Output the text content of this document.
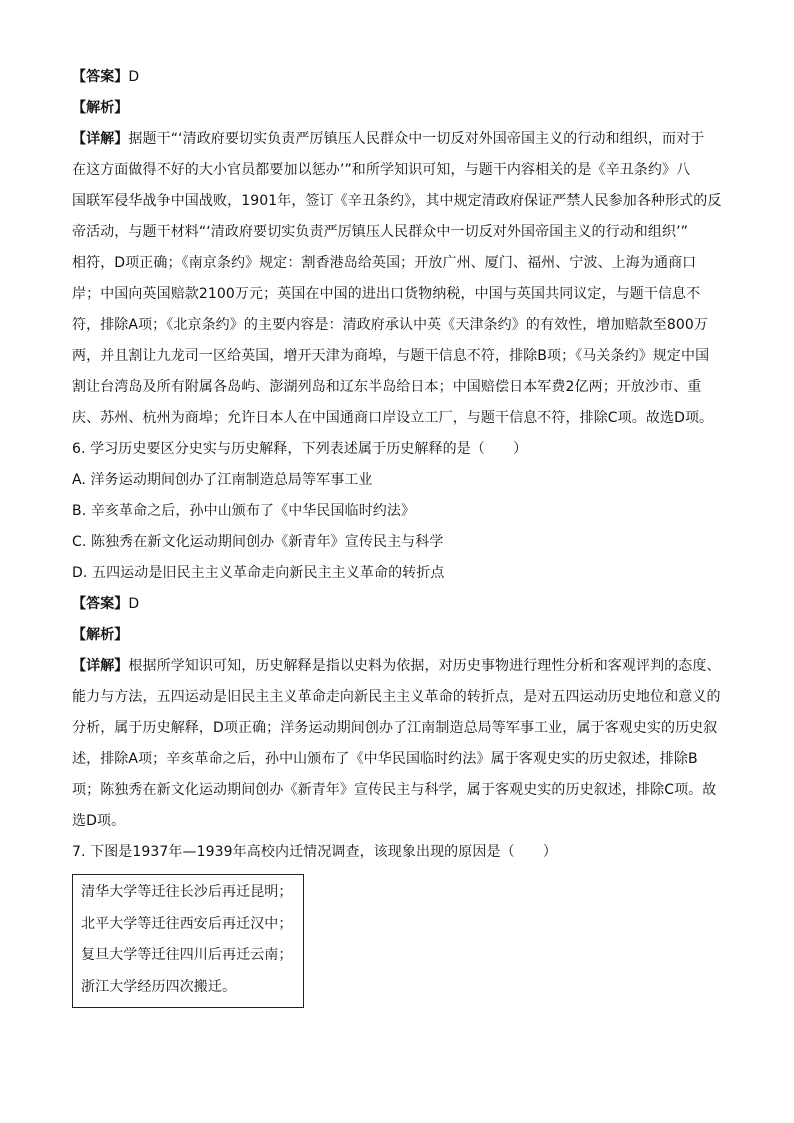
【答案】D
【解析】
【详解】据题干“‘清政府要切实负责严厉镇压人民群众中一切反对外国帝国主义的行动和组织，而对于
在这方面做得不好的大小官员都要加以惩办’”和所学知识可知，与题干内容相关的是《辛丑条约》八
国联军侵华战争中国战败，1901年，签订《辛丑条约》，其中规定清政府保证严禁人民参加各种形式的反
帝活动，与题干材料“‘清政府要切实负责严厉镇压人民群众中一切反对外国帝国主义的行动和组织’”
相符，D项正确；《南京条约》规定：割香港岛给英国；开放广州、厦门、福州、宁波、上海为通商口
岸；中国向英国赔款2100万元；英国在中国的进出口货物纳税，中国与英国共同议定，与题干信息不
符，排除A项；《北京条约》的主要内容是：清政府承认中英《天津条约》的有效性，增加赔款至800万
两，并且割让九龙司一区给英国，增开天津为商埠，与题干信息不符，排除B项；《马关条约》规定中国
割让台湾岛及所有附属各岛屿、澎湖列岛和辽东半岛给日本；中国赔偿日本军费2亿两；开放沙市、重
庆、苏州、杭州为商埠；允许日本人在中国通商口岸设立工厂，与题干信息不符，排除C项。故选D项。
6. 学习历史要区分史实与历史解释，下列表述属于历史解释的是（　　）
A. 洋务运动期间创办了江南制造总局等军事工业
B. 辛亥革命之后，孙中山颁布了《中华民国临时约法》
C. 陈独秀在新文化运动期间创办《新青年》宣传民主与科学
D. 五四运动是旧民主主义革命走向新民主主义革命的转折点
【答案】D
【解析】
【详解】根据所学知识可知，历史解释是指以史料为依据，对历史事物进行理性分析和客观评判的态度、
能力与方法，五四运动是旧民主主义革命走向新民主主义革命的转折点，是对五四运动历史地位和意义的
分析，属于历史解释，D项正确；洋务运动期间创办了江南制造总局等军事工业，属于客观史实的历史叙
述，排除A项；辛亥革命之后，孙中山颁布了《中华民国临时约法》属于客观史实的历史叙述，排除B
项；陈独秀在新文化运动期间创办《新青年》宣传民主与科学，属于客观史实的历史叙述，排除C项。故
选D项。
7. 下图是1937年—1939年高校内迁情况调查，该现象出现的原因是（　　）
清华大学等迁往长沙后再迁昆明；
北平大学等迁往西安后再迁汉中；
复旦大学等迁往四川后再迁云南；
浙江大学经历四次搬迁。
